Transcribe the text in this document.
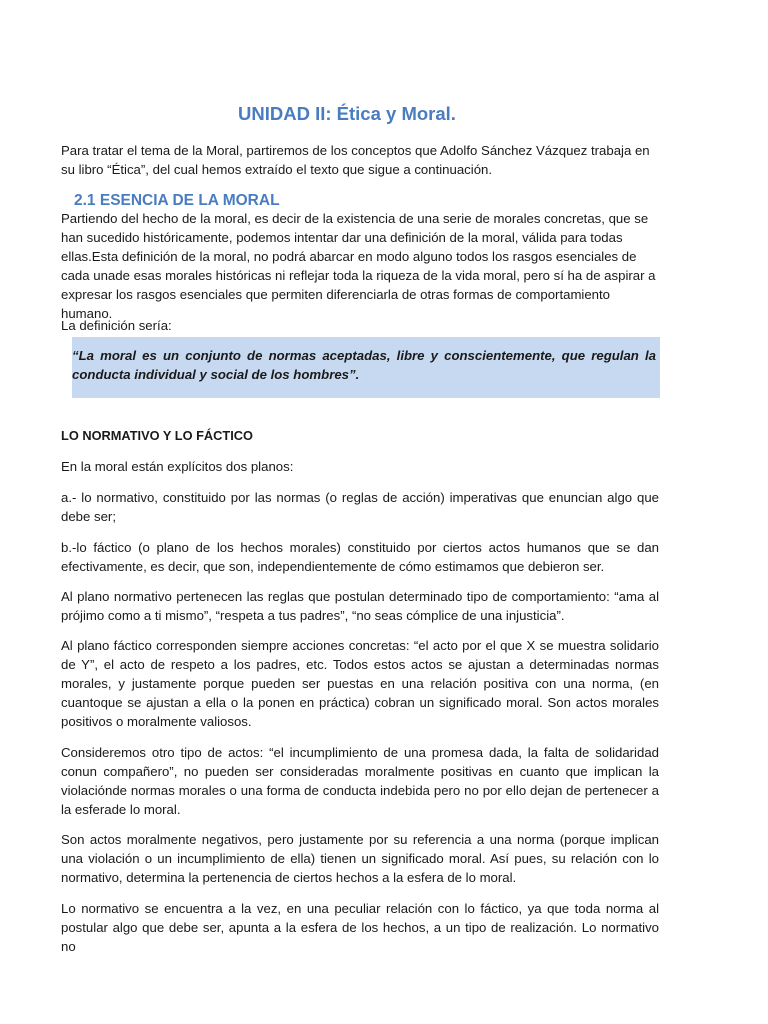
UNIDAD II: Ética y Moral.

Para tratar el tema de la Moral, partiremos de los conceptos que Adolfo Sánchez Vázquez trabaja en su libro “Ética”, del cual hemos extraído el texto que sigue a continuación.

2.1 ESENCIA DE LA MORAL

Partiendo del hecho de la moral, es decir de la existencia de una serie de morales concretas, que se han sucedido históricamente, podemos intentar dar una definición de la moral, válida para todas ellas.Esta definición de la moral, no podrá abarcar en modo alguno todos los rasgos esenciales de cada unade esas morales históricas ni reflejar toda la riqueza de la vida moral, pero sí ha de aspirar a expresar los rasgos esenciales que permiten diferenciarla de otras formas de comportamiento humano.

La definición sería:

“La moral es un conjunto de normas aceptadas, libre y conscientemente, que regulan la conducta individual y social de los hombres”.

LO NORMATIVO Y LO FÁCTICO

En la moral están explícitos dos planos:

a.- lo normativo, constituido por las normas (o reglas de acción) imperativas que enuncian algo que debe ser;

b.-lo fáctico (o plano de los hechos morales) constituido por ciertos actos humanos que se dan efectivamente, es decir, que son, independientemente de cómo estimamos que debieron ser.

Al plano normativo pertenecen las reglas que postulan determinado tipo de comportamiento: “ama al prójimo como a ti mismo”, “respeta a tus padres”, “no seas cómplice de una injusticia”.

Al plano fáctico corresponden siempre acciones concretas: “el acto por el que X se muestra solidario de Y”, el acto de respeto a los padres, etc. Todos estos actos se ajustan a determinadas normas morales, y justamente porque pueden ser puestas en una relación positiva con una norma, (en cuantoque se ajustan a ella o la ponen en práctica) cobran un significado moral. Son actos morales positivos o moralmente valiosos.

Consideremos otro tipo de actos: “el incumplimiento de una promesa dada, la falta de solidaridad conun compañero”, no pueden ser consideradas moralmente positivas en cuanto que implican la violaciónde normas morales o una forma de conducta indebida pero no por ello dejan de pertenecer a la esferade lo moral.

Son actos moralmente negativos, pero justamente por su referencia a una norma (porque implican una violación o un incumplimiento de ella) tienen un significado moral. Así pues, su relación con lo normativo, determina la pertenencia de ciertos hechos a la esfera de lo moral.

Lo normativo se encuentra a la vez, en una peculiar relación con lo fáctico, ya que toda norma al postular algo que debe ser, apunta a la esfera de los hechos, a un tipo de realización. Lo normativo no
